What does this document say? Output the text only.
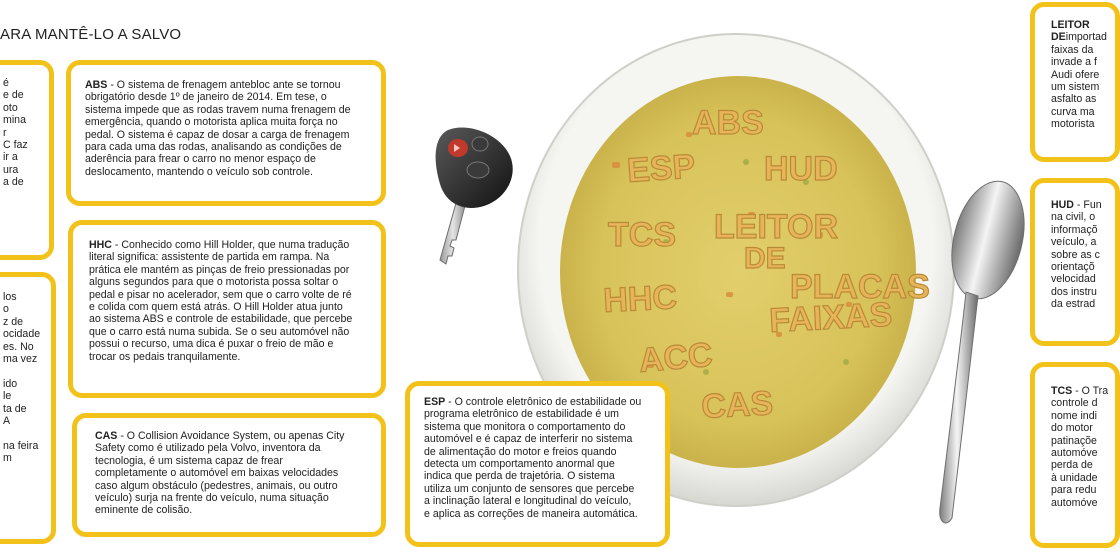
ARA MANTÊ-LO A SALVO

é
e de
oto
mina
r
C faz
ir a
ura
a de

los
o
z de
ocidade
es. No
ma vez

ido
le
ta de
A

na feira
m

ABS - O sistema de frenagem antebloc ante se tornou
obrigatório desde 1º de janeiro de 2014. Em tese, o
sistema impede que as rodas travem numa frenagem de
emergência, quando o motorista aplica muita força no
pedal. O sistema é capaz de dosar a carga de frenagem
para cada uma das rodas, analisando as condições de
aderência para frear o carro no menor espaço de
deslocamento, mantendo o veículo sob controle.

HHC - Conhecido como Hill Holder, que numa tradução
literal significa: assistente de partida em rampa. Na
prática ele mantém as pinças de freio pressionadas por
alguns segundos para que o motorista possa soltar o
pedal e pisar no acelerador, sem que o carro volte de ré
e colida com quem está atrás. O Hill Holder atua junto
ao sistema ABS e controle de estabilidade, que percebe
que o carro está numa subida. Se o seu automóvel não
possui o recurso, uma dica é puxar o freio de mão e
trocar os pedais tranquilamente.

CAS - O Collision Avoidance System, ou apenas City
Safety como é utilizado pela Volvo, inventora da
tecnologia, é um sistema capaz de frear
completamente o automóvel em baixas velocidades
caso algum obstáculo (pedestres, animais, ou outro
veículo) surja na frente do veículo, numa situação
eminente de colisão.

ABS
ESP HUD
TCS LEITOR
DE
HHC	PLACAS
FAIXAS
ACC
CAS

ESP - O controle eletrônico de estabilidade ou
programa eletrônico de estabilidade é um
sistema que monitora o comportamento do
automóvel e é capaz de interferir no sistema
de alimentação do motor e freios quando
detecta um comportamento anormal que
indica que perda de trajetória. O sistema
utiliza um conjunto de sensores que percebe
a inclinação lateral e longitudinal do veículo,
e aplica as correções de maneira automática.

LEITOR DEimportad
faixas da
invade a f
Audi ofere
um sistem
asfalto as
curva ma
motorista

HUD - Fun
na civil, o
informaçõ
veículo, a
sobre as c
orientaçõ
velocidad
dos instru
da estrad

TCS - O Tra
controle d
nome indi
do motor
patinaçõe
automóve
perda de
à unidade
para redu
automóve
